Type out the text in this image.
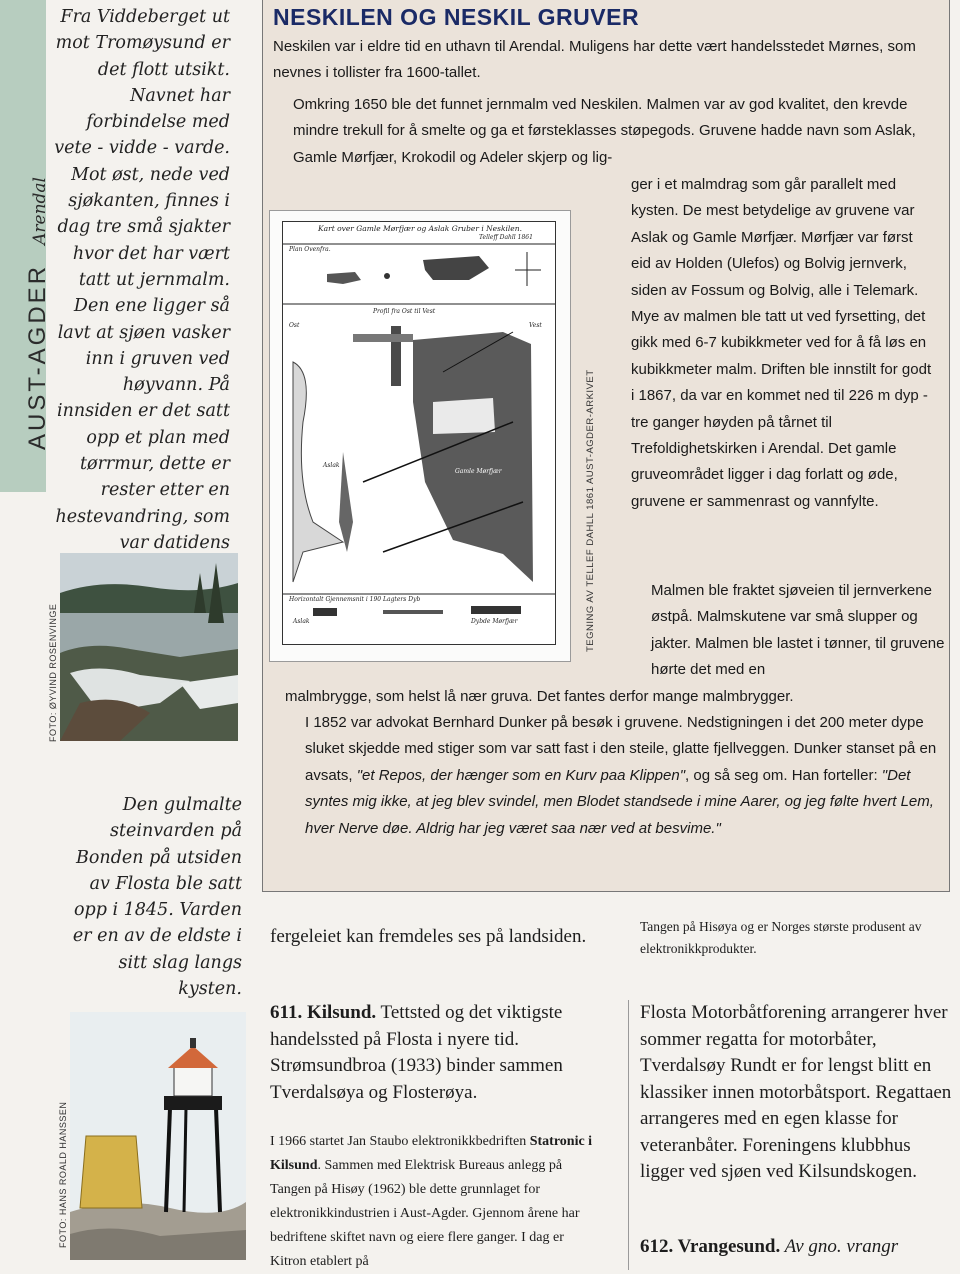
AUST-AGDER Arendal

Fra Viddeberget ut mot Tromøysund er det flott utsikt. Navnet har forbindelse med vete - vidde - varde. Mot øst, nede ved sjøkanten, finnes i dag tre små sjakter hvor det har vært tatt ut jernmalm. Den ene ligger så lavt at sjøen vasker inn i gruven ved høyvann. På innsiden er det satt opp et plan med tørrmur, dette er rester etter en hestevandring, som var datidens

FOTO: ØYVIND ROSENVINGE

Den gulmalte steinvarden på Bonden på utsiden av Flosta ble satt opp i 1845. Varden er en av de eldste i sitt slag langs kysten.

FOTO: HANS ROALD HANSSEN
NESKILEN OG NESKIL GRUVER

Neskilen var i eldre tid en uthavn til Arendal. Muligens har dette vært handelsstedet Mørnes, som nevnes i tollister fra 1600-tallet.

Omkring 1650 ble det funnet jernmalm ved Neskilen. Malmen var av god kvalitet, den krevde mindre trekull for å smelte og ga et førsteklasses støpegods. Gruvene hadde navn som Aslak, Gamle Mørfjær, Krokodil og Adeler skjerp og lig-

Kart over Gamle Mørfjær og Aslak Gruber i Neskilen.
Telleff Dahll 1861
Plan Ovenfra.
Profil fra Ost til Vest
Ost	Vest
Aslak
Gamle Mørfjær
Horizontalt Gjennemsnit i 190 Lagters Dyb
Aslak	Dybde Mørfjær	TEGNING AV TELLEF DAHLL 1861 AUST-AGDER-ARKIVET

ger i et malmdrag som går parallelt med kysten. De mest betydelige av gruvene var Aslak og Gamle Mørfjær. Mørfjær var først eid av Holden (Ulefos) og Bolvig jernverk, siden av Fossum og Bolvig, alle i Telemark. Mye av malmen ble tatt ut ved fyrsetting, det gikk med 6-7 kubikkmeter ved for å få løs en kubikkmeter malm. Driften ble innstilt for godt i 1867, da var en kommet ned til 226 m dyp - tre ganger høyden på tårnet til Trefoldighetskirken i Arendal. Det gamle gruveområdet ligger i dag forlatt og øde, gruvene er sammenrast og vannfylte.

Malmen ble fraktet sjøveien til jernverkene østpå. Malmskutene var små slupper og jakter. Malmen ble lastet i tønner, til gruvene hørte det med en

malmbrygge, som helst lå nær gruva. Det fantes derfor mange malmbrygger.

I 1852 var advokat Bernhard Dunker på besøk i gruvene. Nedstigningen i det 200 meter dype sluket skjedde med stiger som var satt fast i den steile, glatte fjellveggen. Dunker stanset på en avsats, "et Repos, der hænger som en Kurv paa Klippen", og så seg om. Han forteller: "Det syntes mig ikke, at jeg blev svindel, men Blodet standsede i mine Aarer, og jeg følte hvert Lem, hver Nerve døe. Aldrig har jeg været saa nær ved at besvime."

fergeleiet kan fremdeles ses på landsiden.

611. Kilsund. Tettsted og det viktigste handelssted på Flosta i nyere tid. Strømsundbroa (1933) binder sammen Tverdalsøya og Flosterøya.

I 1966 startet Jan Staubo elektronikkbedriften Statronic i Kilsund. Sammen med Elektrisk Bureaus anlegg på Tangen på Hisøy (1962) ble dette grunnlaget for elektronikkindustrien i Aust-Agder. Gjennom årene har bedriftene skiftet navn og eiere flere ganger. I dag er Kitron etablert på

Tangen på Hisøya og er Norges største produsent av elektronikkprodukter.

Flosta Motorbåtforening arrangerer hver sommer regatta for motorbåter, Tverdalsøy Rundt er for lengst blitt en klassiker innen motorbåtsport. Regattaen arrangeres med en egen klasse for veteranbåter. Foreningens klubbhus ligger ved sjøen ved Kilsundskogen.

612. Vrangesund. Av gno. vrangr
